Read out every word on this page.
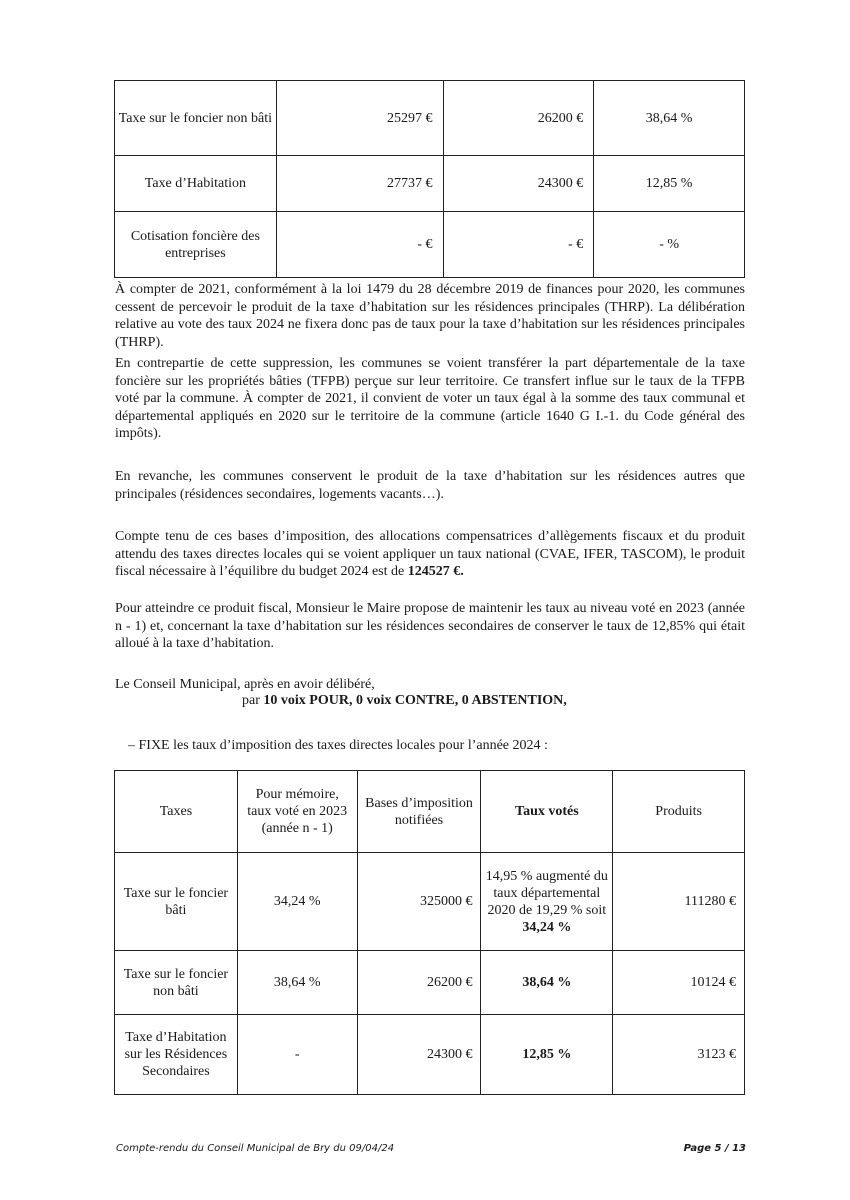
Taxe sur le foncier non bâti	25297 €	26200 €	38,64 %
Taxe d’Habitation	27737 €	24300 €	12,85 %
Cotisation foncière des entreprises	- €	- €	- %

À compter de 2021, conformément à la loi 1479 du 28 décembre 2019 de finances pour 2020, les communes cessent de percevoir le produit de la taxe d’habitation sur les résidences principales (THRP). La délibération relative au vote des taux 2024 ne fixera donc pas de taux pour la taxe d’habitation sur les résidences principales (THRP).

En contrepartie de cette suppression, les communes se voient transférer la part départementale de la taxe foncière sur les propriétés bâties (TFPB) perçue sur leur territoire. Ce transfert influe sur le taux de la TFPB voté par la commune. À compter de 2021, il convient de voter un taux égal à la somme des taux communal et départemental appliqués en 2020 sur le territoire de la commune (article 1640 G I.-1. du Code général des impôts).

En revanche, les communes conservent le produit de la taxe d’habitation sur les résidences autres que principales (résidences secondaires, logements vacants…).

Compte tenu de ces bases d’imposition, des allocations compensatrices d’allègements fiscaux et du produit attendu des taxes directes locales qui se voient appliquer un taux national (CVAE, IFER, TASCOM), le produit fiscal nécessaire à l’équilibre du budget 2024 est de 124527 €.

Pour atteindre ce produit fiscal, Monsieur le Maire propose de maintenir les taux au niveau voté en 2023 (année n - 1) et, concernant la taxe d’habitation sur les résidences secondaires de conserver le taux de 12,85% qui était alloué à la taxe d’habitation.

Le Conseil Municipal, après en avoir délibéré,

par 10 voix POUR, 0 voix CONTRE, 0 ABSTENTION,

– FIXE les taux d’imposition des taxes directes locales pour l’année 2024 :

Taxes	Pour mémoire, taux voté en 2023 (année n - 1)	Bases d’imposition notifiées	Taux votés	Produits
Taxe sur le foncier bâti	34,24 %	325000 €	14,95 % augmenté du taux départemental 2020 de 19,29 % soit 34,24 %	111280 €
Taxe sur le foncier non bâti	38,64 %	26200 €	38,64 %	10124 €
Taxe d’Habitation sur les Résidences Secondaires	-	24300 €	12,85 %	3123 €

Compte-rendu du Conseil Municipal de Bry du 09/04/24	Page 5 / 13
